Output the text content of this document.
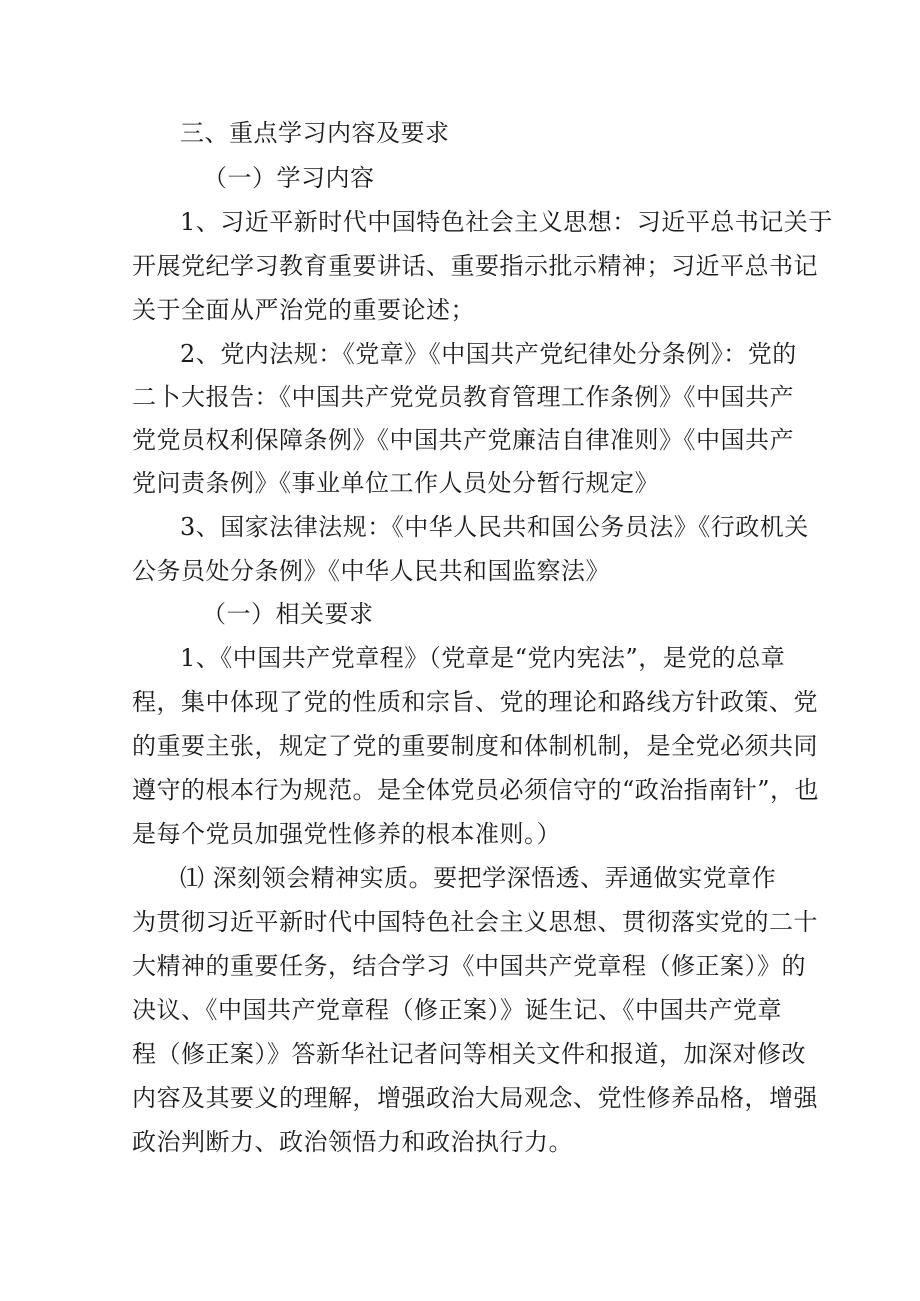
三、重点学习内容及要求
（一）学习内容
1、习近平新时代中国特色社会主义思想：习近平总书记关于
开展党纪学习教育重要讲话、重要指示批示精神；习近平总书记
关于全面从严治党的重要论述；
2、党内法规：《党章》《中国共产党纪律处分条例》：党的
二卜大报告：《中国共产党党员教育管理工作条例》《中国共产
党党员权利保障条例》《中国共产党廉洁自律准则》《中国共产
党问责条例》《事业单位工作人员处分暂行规定》
3、国家法律法规：《中华人民共和国公务员法》《行政机关
公务员处分条例》《中华人民共和国监察法》
（一）相关要求
1、《中国共产党章程》（党章是“党内宪法”，是党的总章
程，集中体现了党的性质和宗旨、党的理论和路线方针政策、党
的重要主张，规定了党的重要制度和体制机制，是全党必须共同
遵守的根本行为规范。是全体党员必须信守的“政治指南针”，也
是每个党员加强党性修养的根本准则。）
⑴ 深刻领会精神实质。要把学深悟透、弄通做实党章作
为贯彻习近平新时代中国特色社会主义思想、贯彻落实党的二十
大精神的重要任务，结合学习《中国共产党章程（修正案）》的
决议、《中国共产党章程（修正案）》诞生记、《中国共产党章
程（修正案）》答新华社记者问等相关文件和报道，加深对修改
内容及其要义的理解，增强政治大局观念、党性修养品格，增强
政治判断力、政治领悟力和政治执行力。
